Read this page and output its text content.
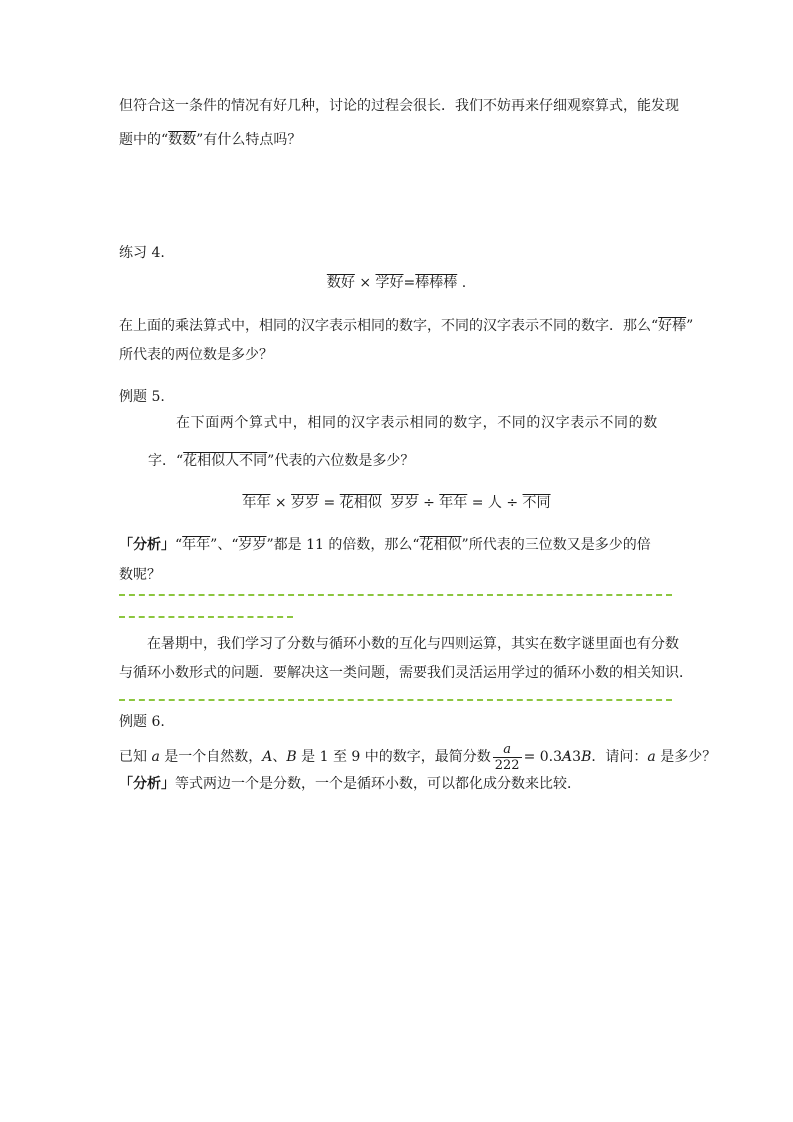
但符合这一条件的情况有好几种，讨论的过程会很长．我们不妨再来仔细观察算式，能发现
题中的“数数”有什么特点吗？
练习 4.
数好 × 学好=棒棒棒 .
在上面的乘法算式中，相同的汉字表示相同的数字，不同的汉字表示不同的数字．那么“好棒”
所代表的两位数是多少？
例题 5.
在下面两个算式中，相同的汉字表示相同的数字，不同的汉字表示不同的数
字．“花相似人不同”代表的六位数是多少？
年年 × 岁岁 = 花相似 岁岁 ÷ 年年 = 人 ÷ 不同
「分析」“年年”、“岁岁”都是 11 的倍数，那么“花相似”所代表的三位数又是多少的倍
数呢？
在暑期中，我们学习了分数与循环小数的互化与四则运算，其实在数字谜里面也有分数
与循环小数形式的问题．要解决这一类问题，需要我们灵活运用学过的循环小数的相关知识．
例题 6.
已知 a 是一个自然数，A、B 是 1 至 9 中的数字，最简分数 $\frac{a}{222} = 0.3\cdot A3\cdot B$．请问：a 是多少？
「分析」等式两边一个是分数，一个是循环小数，可以都化成分数来比较．
